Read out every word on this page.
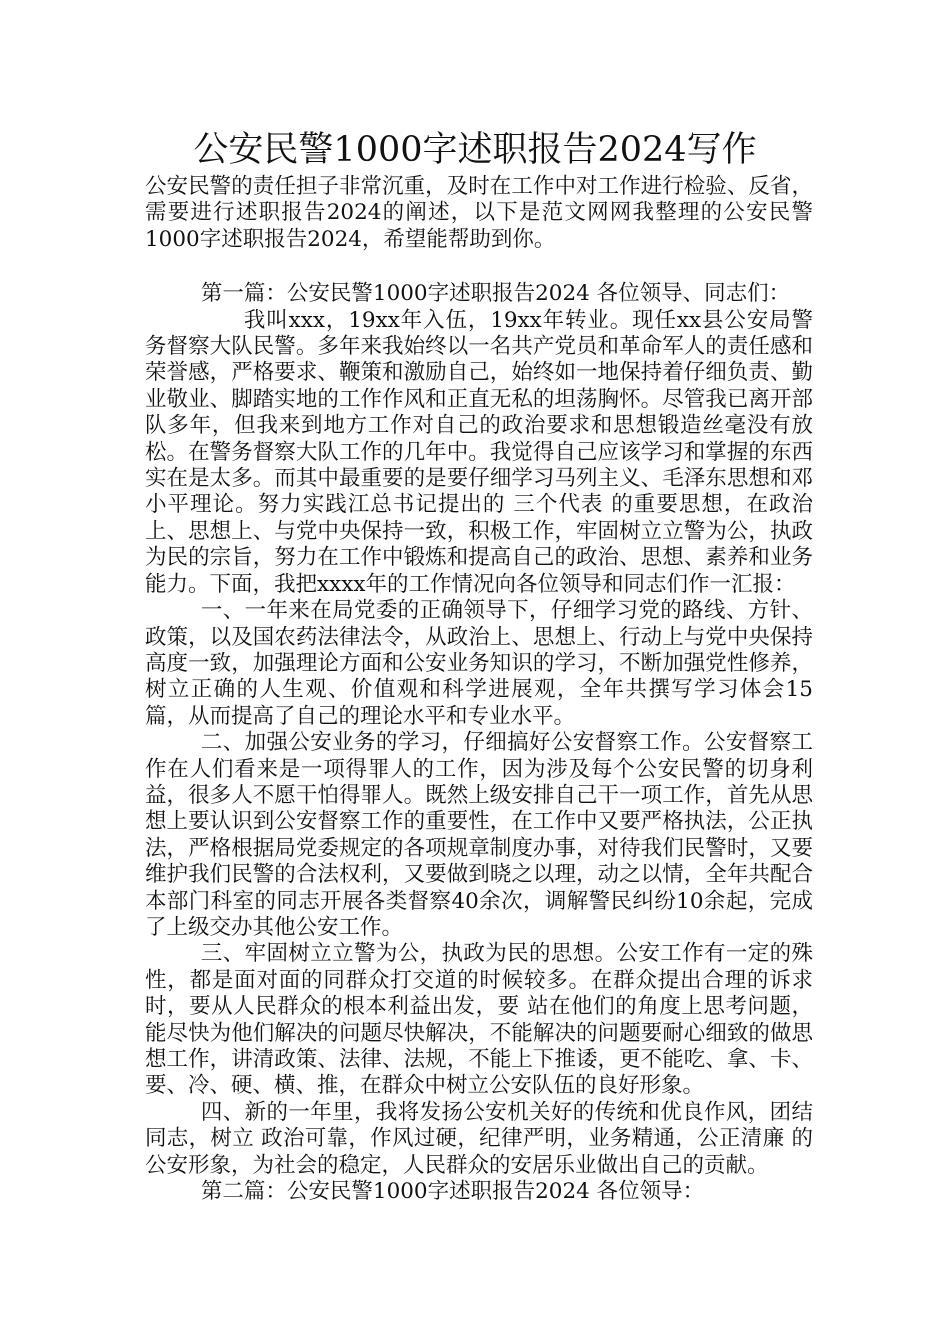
公安民警1000字述职报告2024写作

公安民警的责任担子非常沉重，及时在工作中对工作进行检验、反省，需要进行述职报告2024的阐述，以下是范文网网我整理的公安民警1000字述职报告2024，希望能帮助到你。

第一篇：公安民警1000字述职报告2024 各位领导、同志们：

我叫xxx，19xx年入伍，19xx年转业。现任xx县公安局警务督察大队民警。多年来我始终以一名共产党员和革命军人的责任感和荣誉感，严格要求、鞭策和激励自己，始终如一地保持着仔细负责、勤业敬业、脚踏实地的工作作风和正直无私的坦荡胸怀。尽管我已离开部队多年，但我来到地方工作对自己的政治要求和思想锻造丝毫没有放松。在警务督察大队工作的几年中。我觉得自己应该学习和掌握的东西实在是太多。而其中最重要的是要仔细学习马列主义、毛泽东思想和邓小平理论。努力实践江总书记提出的 三个代表 的重要思想，在政治上、思想上、与党中央保持一致，积极工作，牢固树立立警为公，执政为民的宗旨，努力在工作中锻炼和提高自己的政治、思想、素养和业务能力。下面，我把xxxx年的工作情况向各位领导和同志们作一汇报：

一、一年来在局党委的正确领导下，仔细学习党的路线、方针、政策，以及国农药法律法令，从政治上、思想上、行动上与党中央保持高度一致，加强理论方面和公安业务知识的学习，不断加强党性修养，树立正确的人生观、价值观和科学进展观，全年共撰写学习体会15篇，从而提高了自己的理论水平和专业水平。

二、加强公安业务的学习，仔细搞好公安督察工作。公安督察工作在人们看来是一项得罪人的工作，因为涉及每个公安民警的切身利益，很多人不愿干怕得罪人。既然上级安排自己干一项工作，首先从思想上要认识到公安督察工作的重要性，在工作中又要严格执法，公正执法，严格根据局党委规定的各项规章制度办事，对待我们民警时，又要维护我们民警的合法权利，又要做到晓之以理，动之以情，全年共配合本部门科室的同志开展各类督察40余次，调解警民纠纷10余起，完成了上级交办其他公安工作。

三、牢固树立立警为公，执政为民的思想。公安工作有一定的殊性，都是面对面的同群众打交道的时候较多。在群众提出合理的诉求时，要从人民群众的根本利益出发，要 站在他们的角度上思考问题，能尽快为他们解决的问题尽快解决，不能解决的问题要耐心细致的做思想工作，讲清政策、法律、法规，不能上下推诿，更不能吃、拿、卡、要、冷、硬、横、推，在群众中树立公安队伍的良好形象。

四、新的一年里，我将发扬公安机关好的传统和优良作风，团结同志，树立 政治可靠，作风过硬，纪律严明，业务精通，公正清廉 的公安形象，为社会的稳定，人民群众的安居乐业做出自己的贡献。

第二篇：公安民警1000字述职报告2024 各位领导：
